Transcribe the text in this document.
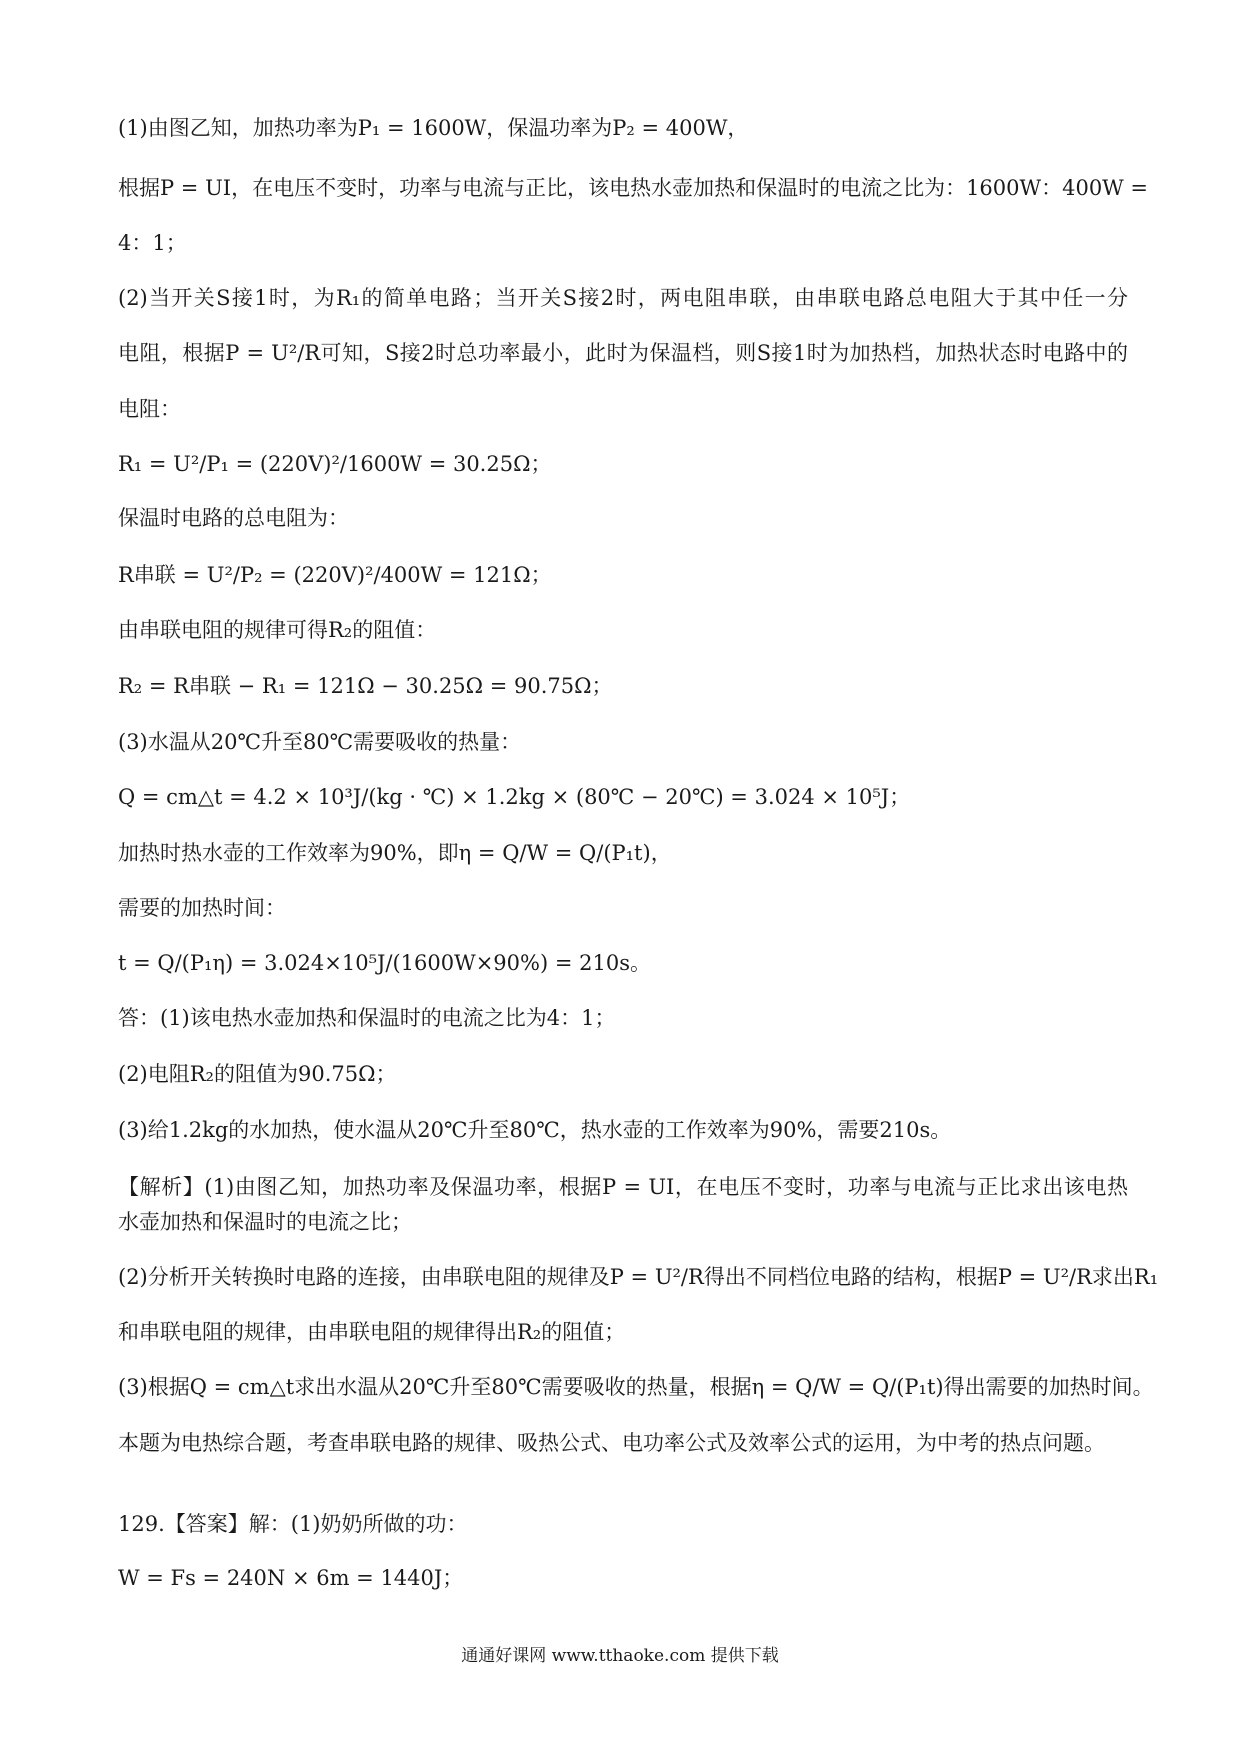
(1)由图乙知，加热功率为P₁ = 1600W，保温功率为P₂ = 400W，
根据P = UI，在电压不变时，功率与电流与正比，该电热水壶加热和保温时的电流之比为：1600W：400W =
4：1；
(2)当开关S接1时，为R₁的简单电路；当开关S接2时，两电阻串联，由串联电路总电阻大于其中任一分
电阻，根据P = U²/R可知，S接2时总功率最小，此时为保温档，则S接1时为加热档，加热状态时电路中的
电阻：
R₁ = U²/P₁ = (220V)²/1600W = 30.25Ω；
保温时电路的总电阻为：
R串联 = U²/P₂ = (220V)²/400W = 121Ω；
由串联电阻的规律可得R₂的阻值：
R₂ = R串联 − R₁ = 121Ω − 30.25Ω = 90.75Ω；
(3)水温从20℃升至80℃需要吸收的热量：
Q = cm△t = 4.2 × 10³J/(kg · ℃) × 1.2kg × (80℃ − 20℃) = 3.024 × 10⁵J；
加热时热水壶的工作效率为90%，即η = Q/W = Q/(P₁t)，
需要的加热时间：
t = Q/(P₁η) = 3.024×10⁵J/(1600W×90%) = 210s。
答：(1)该电热水壶加热和保温时的电流之比为4：1；
(2)电阻R₂的阻值为90.75Ω；
(3)给1.2kg的水加热，使水温从20℃升至80℃，热水壶的工作效率为90%，需要210s。
【解析】(1)由图乙知，加热功率及保温功率，根据P = UI，在电压不变时，功率与电流与正比求出该电热
水壶加热和保温时的电流之比；
(2)分析开关转换时电路的连接，由串联电阻的规律及P = U²/R得出不同档位电路的结构，根据P = U²/R求出R₁
和串联电阻的规律，由串联电阻的规律得出R₂的阻值；
(3)根据Q = cm△t求出水温从20℃升至80℃需要吸收的热量，根据η = Q/W = Q/(P₁t)得出需要的加热时间。
本题为电热综合题，考查串联电路的规律、吸热公式、电功率公式及效率公式的运用，为中考的热点问题。
129.【答案】解：(1)奶奶所做的功：
W = Fs = 240N × 6m = 1440J；
通通好课网 www.tthaoke.com 提供下载
